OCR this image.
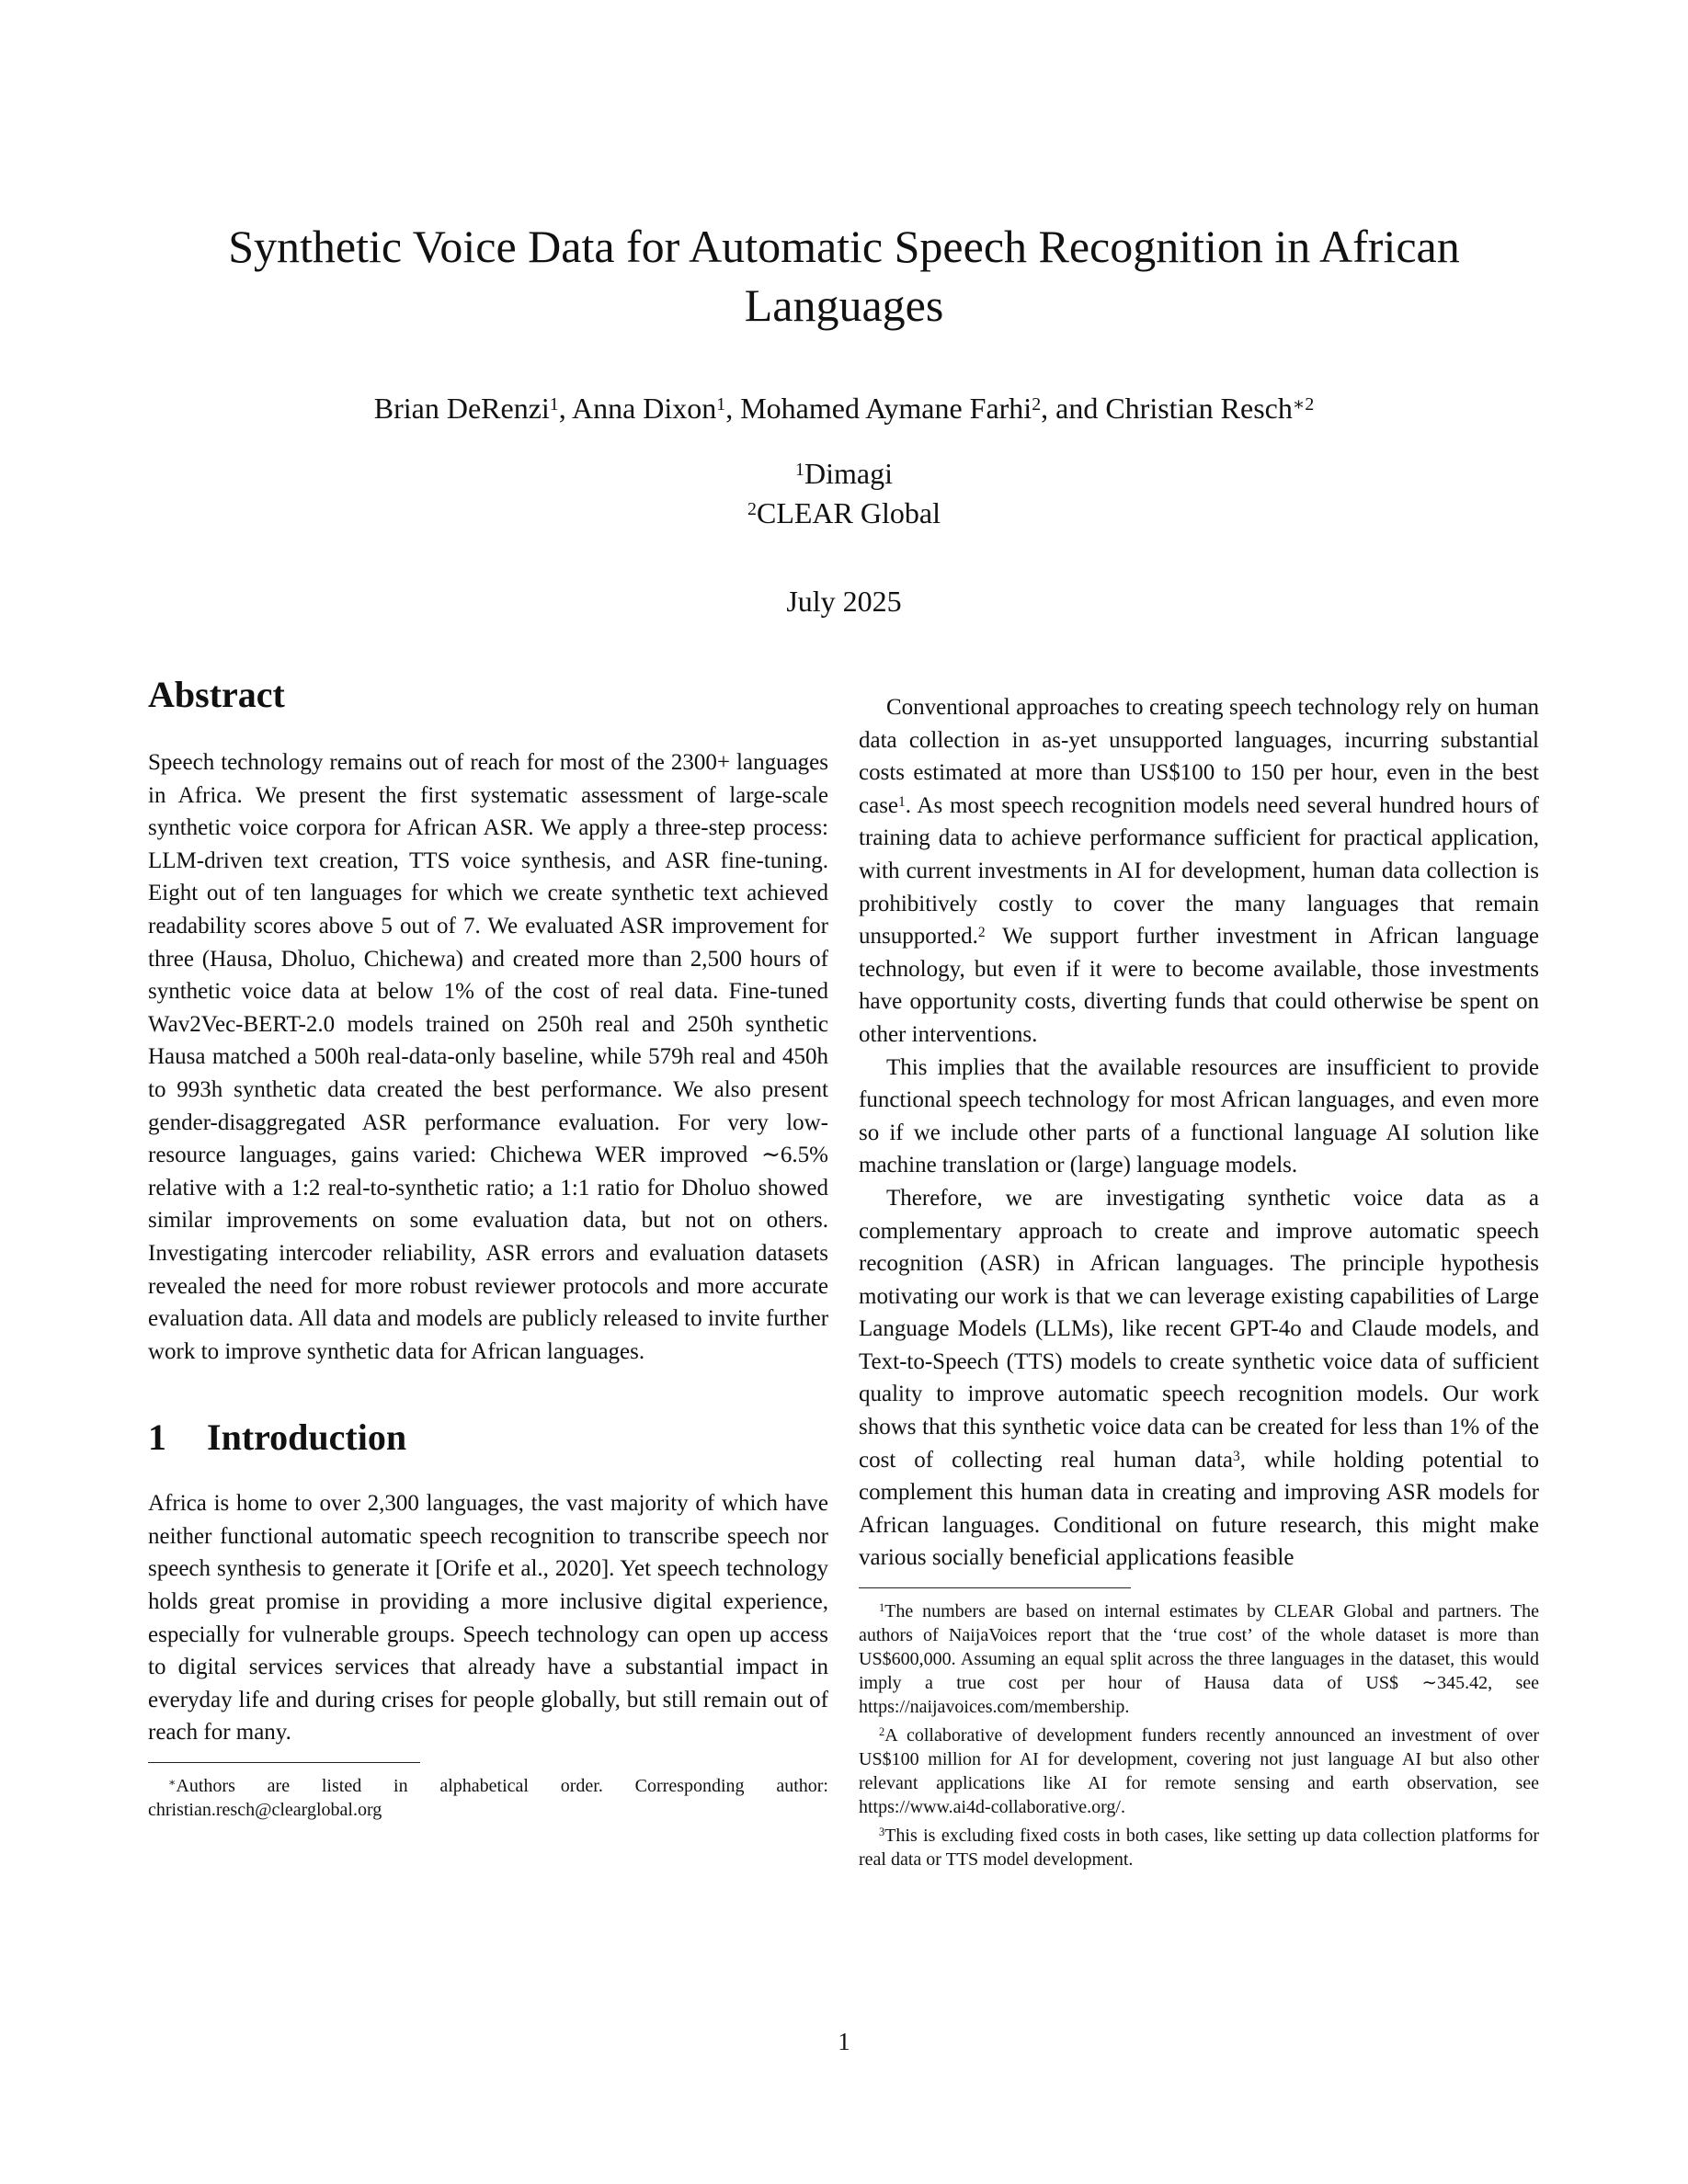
Synthetic Voice Data for Automatic Speech Recognition in African Languages
Brian DeRenzi$^1$, Anna Dixon$^1$, Mohamed Aymane Farhi$^2$, and Christian Resch$^{∗2}$
$^1$Dimagi
$^2$CLEAR Global
July 2025
Abstract

Speech technology remains out of reach for most of the 2300+ languages in Africa. We present the first systematic assessment of large-scale synthetic voice corpora for African ASR. We apply a three-step process: LLM-driven text creation, TTS voice synthesis, and ASR fine-tuning. Eight out of ten languages for which we create synthetic text achieved readability scores above 5 out of 7. We evaluated ASR improvement for three (Hausa, Dholuo, Chichewa) and created more than 2,500 hours of synthetic voice data at below 1% of the cost of real data. Fine-tuned Wav2Vec-BERT-2.0 models trained on 250h real and 250h synthetic Hausa matched a 500h real-data-only baseline, while 579h real and 450h to 993h synthetic data created the best performance. We also present gender-disaggregated ASR performance evaluation. For very low-resource languages, gains varied: Chichewa WER improved ∼6.5% relative with a 1:2 real-to-synthetic ratio; a 1:1 ratio for Dholuo showed similar improvements on some evaluation data, but not on others. Investigating intercoder reliability, ASR errors and evaluation datasets revealed the need for more robust reviewer protocols and more accurate evaluation data. All data and models are publicly released to invite further work to improve synthetic data for African languages.

1 Introduction

Africa is home to over 2,300 languages, the vast majority of which have neither functional automatic speech recognition to transcribe speech nor speech synthesis to generate it [Orife et al., 2020]. Yet speech technology holds great promise in providing a more inclusive digital experience, especially for vulnerable groups. Speech technology can open up access to digital services services that already have a substantial impact in everyday life and during crises for people globally, but still remain out of reach for many.

∗Authors are listed in alphabetical order. Corresponding author: christian.resch@clearglobal.org

Conventional approaches to creating speech technology rely on human data collection in as-yet unsupported languages, incurring substantial costs estimated at more than US$100 to 150 per hour, even in the best case$^1$. As most speech recognition models need several hundred hours of training data to achieve performance sufficient for practical application, with current investments in AI for development, human data collection is prohibitively costly to cover the many languages that remain unsupported.$^2$ We support further investment in African language technology, but even if it were to become available, those investments have opportunity costs, diverting funds that could otherwise be spent on other interventions.

This implies that the available resources are insufficient to provide functional speech technology for most African languages, and even more so if we include other parts of a functional language AI solution like machine translation or (large) language models.

Therefore, we are investigating synthetic voice data as a complementary approach to create and improve automatic speech recognition (ASR) in African languages. The principle hypothesis motivating our work is that we can leverage existing capabilities of Large Language Models (LLMs), like recent GPT-4o and Claude models, and Text-to-Speech (TTS) models to create synthetic voice data of sufficient quality to improve automatic speech recognition models. Our work shows that this synthetic voice data can be created for less than 1% of the cost of collecting real human data$^3$, while holding potential to complement this human data in creating and improving ASR models for African languages. Conditional on future research, this might make various socially beneficial applications feasible

$^1$The numbers are based on internal estimates by CLEAR Global and partners. The authors of NaijaVoices report that the ‘true cost’ of the whole dataset is more than US$600,000. Assuming an equal split across the three languages in the dataset, this would imply a true cost per hour of Hausa data of US$ ∼345.42, see https://naijavoices.com/membership.

$^2$A collaborative of development funders recently announced an investment of over US$100 million for AI for development, covering not just language AI but also other relevant applications like AI for remote sensing and earth observation, see https://www.ai4d-collaborative.org/.

$^3$This is excluding fixed costs in both cases, like setting up data collection platforms for real data or TTS model development.

1
